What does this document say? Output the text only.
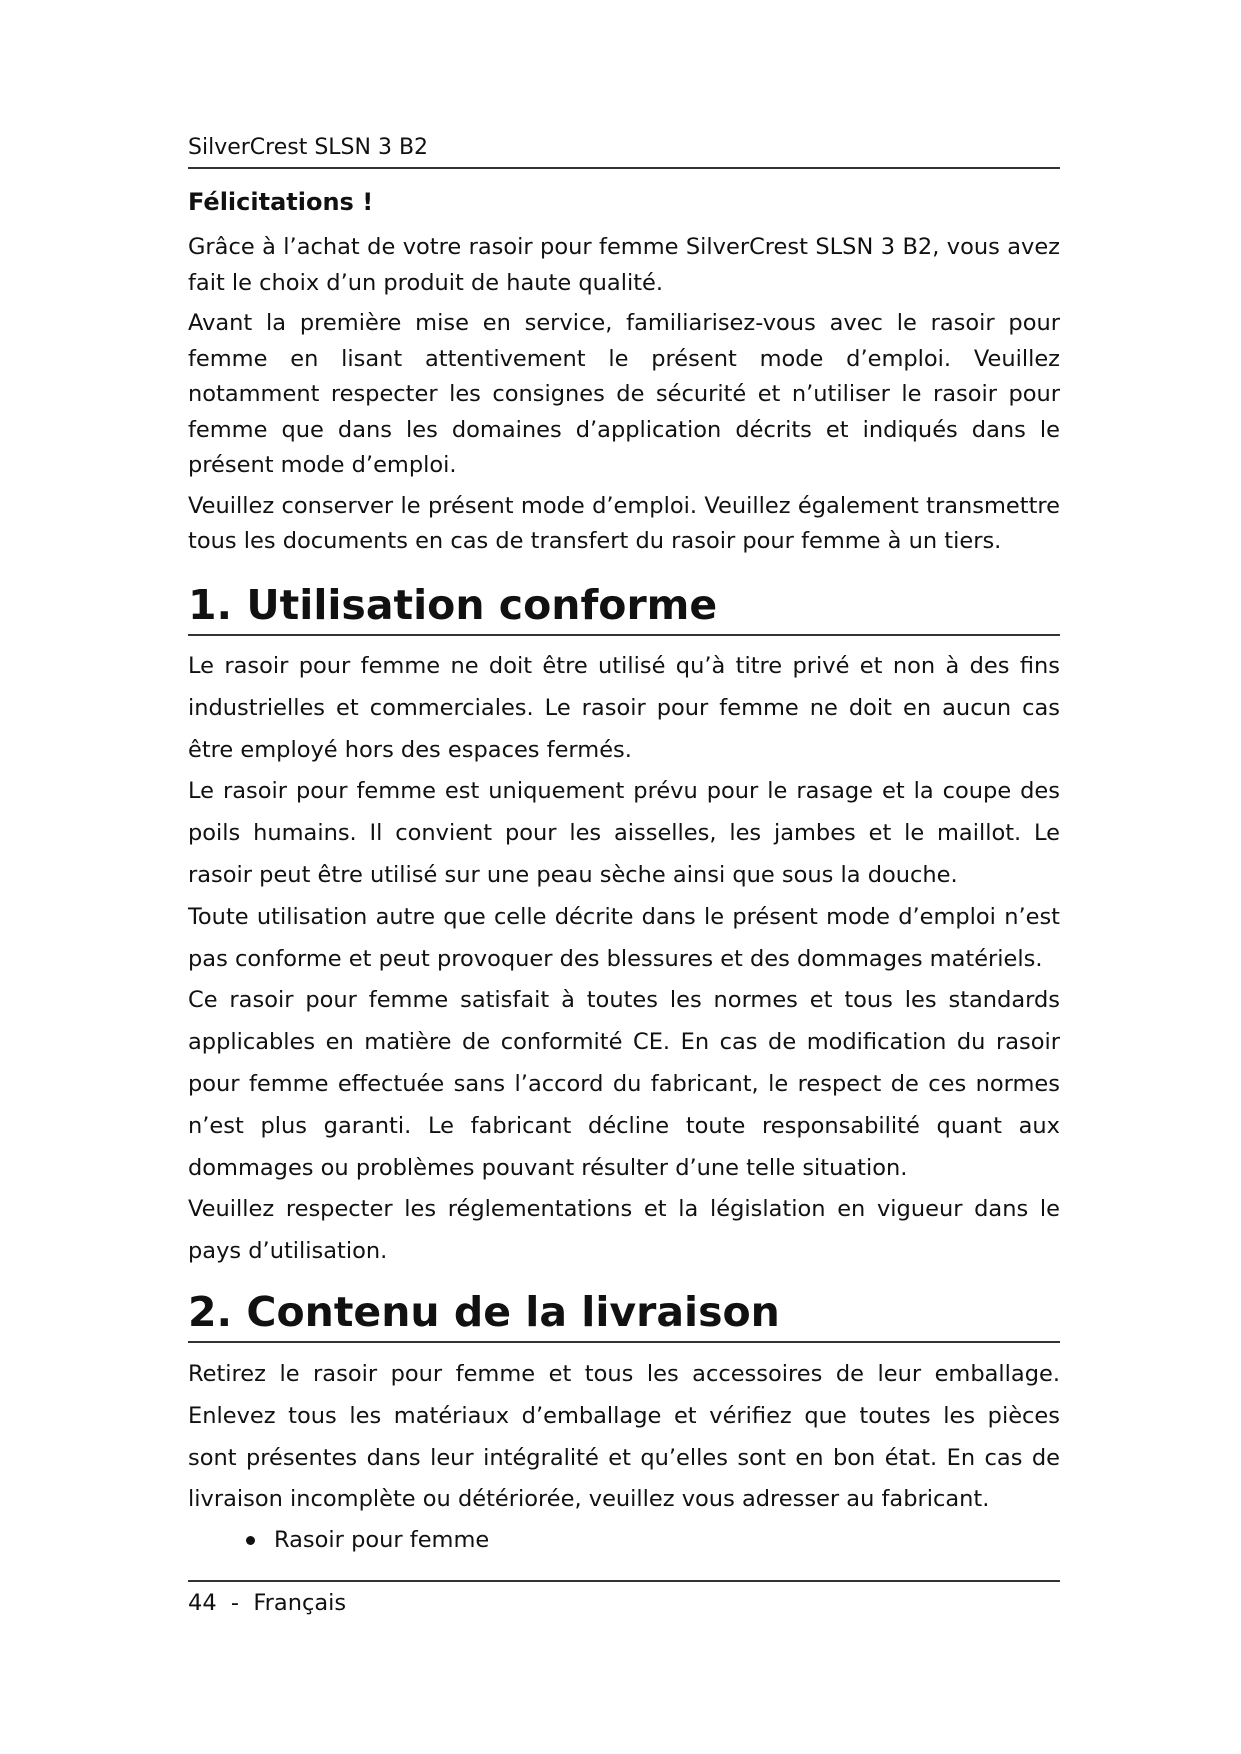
SilverCrest SLSN 3 B2
Félicitations !

Grâce à l’achat de votre rasoir pour femme SilverCrest SLSN 3 B2, vous avez fait le choix d’un produit de haute qualité.

Avant la première mise en service, familiarisez-vous avec le rasoir pour femme en lisant attentivement le présent mode d’emploi. Veuillez notamment respecter les consignes de sécurité et n’utiliser le rasoir pour femme que dans les domaines d’application décrits et indiqués dans le présent mode d’emploi.

Veuillez conserver le présent mode d’emploi. Veuillez également transmettre tous les documents en cas de transfert du rasoir pour femme à un tiers.

1. Utilisation conforme

Le rasoir pour femme ne doit être utilisé qu’à titre privé et non à des fins industrielles et commerciales. Le rasoir pour femme ne doit en aucun cas être employé hors des espaces fermés.

Le rasoir pour femme est uniquement prévu pour le rasage et la coupe des poils humains. Il convient pour les aisselles, les jambes et le maillot. Le rasoir peut être utilisé sur une peau sèche ainsi que sous la douche.

Toute utilisation autre que celle décrite dans le présent mode d’emploi n’est pas conforme et peut provoquer des blessures et des dommages matériels.

Ce rasoir pour femme satisfait à toutes les normes et tous les standards applicables en matière de conformité CE. En cas de modification du rasoir pour femme effectuée sans l’accord du fabricant, le respect de ces normes n’est plus garanti. Le fabricant décline toute responsabilité quant aux dommages ou problèmes pouvant résulter d’une telle situation.

Veuillez respecter les réglementations et la législation en vigueur dans le pays d’utilisation.

2. Contenu de la livraison

Retirez le rasoir pour femme et tous les accessoires de leur emballage. Enlevez tous les matériaux d’emballage et vérifiez que toutes les pièces sont présentes dans leur intégralité et qu’elles sont en bon état. En cas de livraison incomplète ou détériorée, veuillez vous adresser au fabricant.

Rasoir pour femme
44  -  Français
